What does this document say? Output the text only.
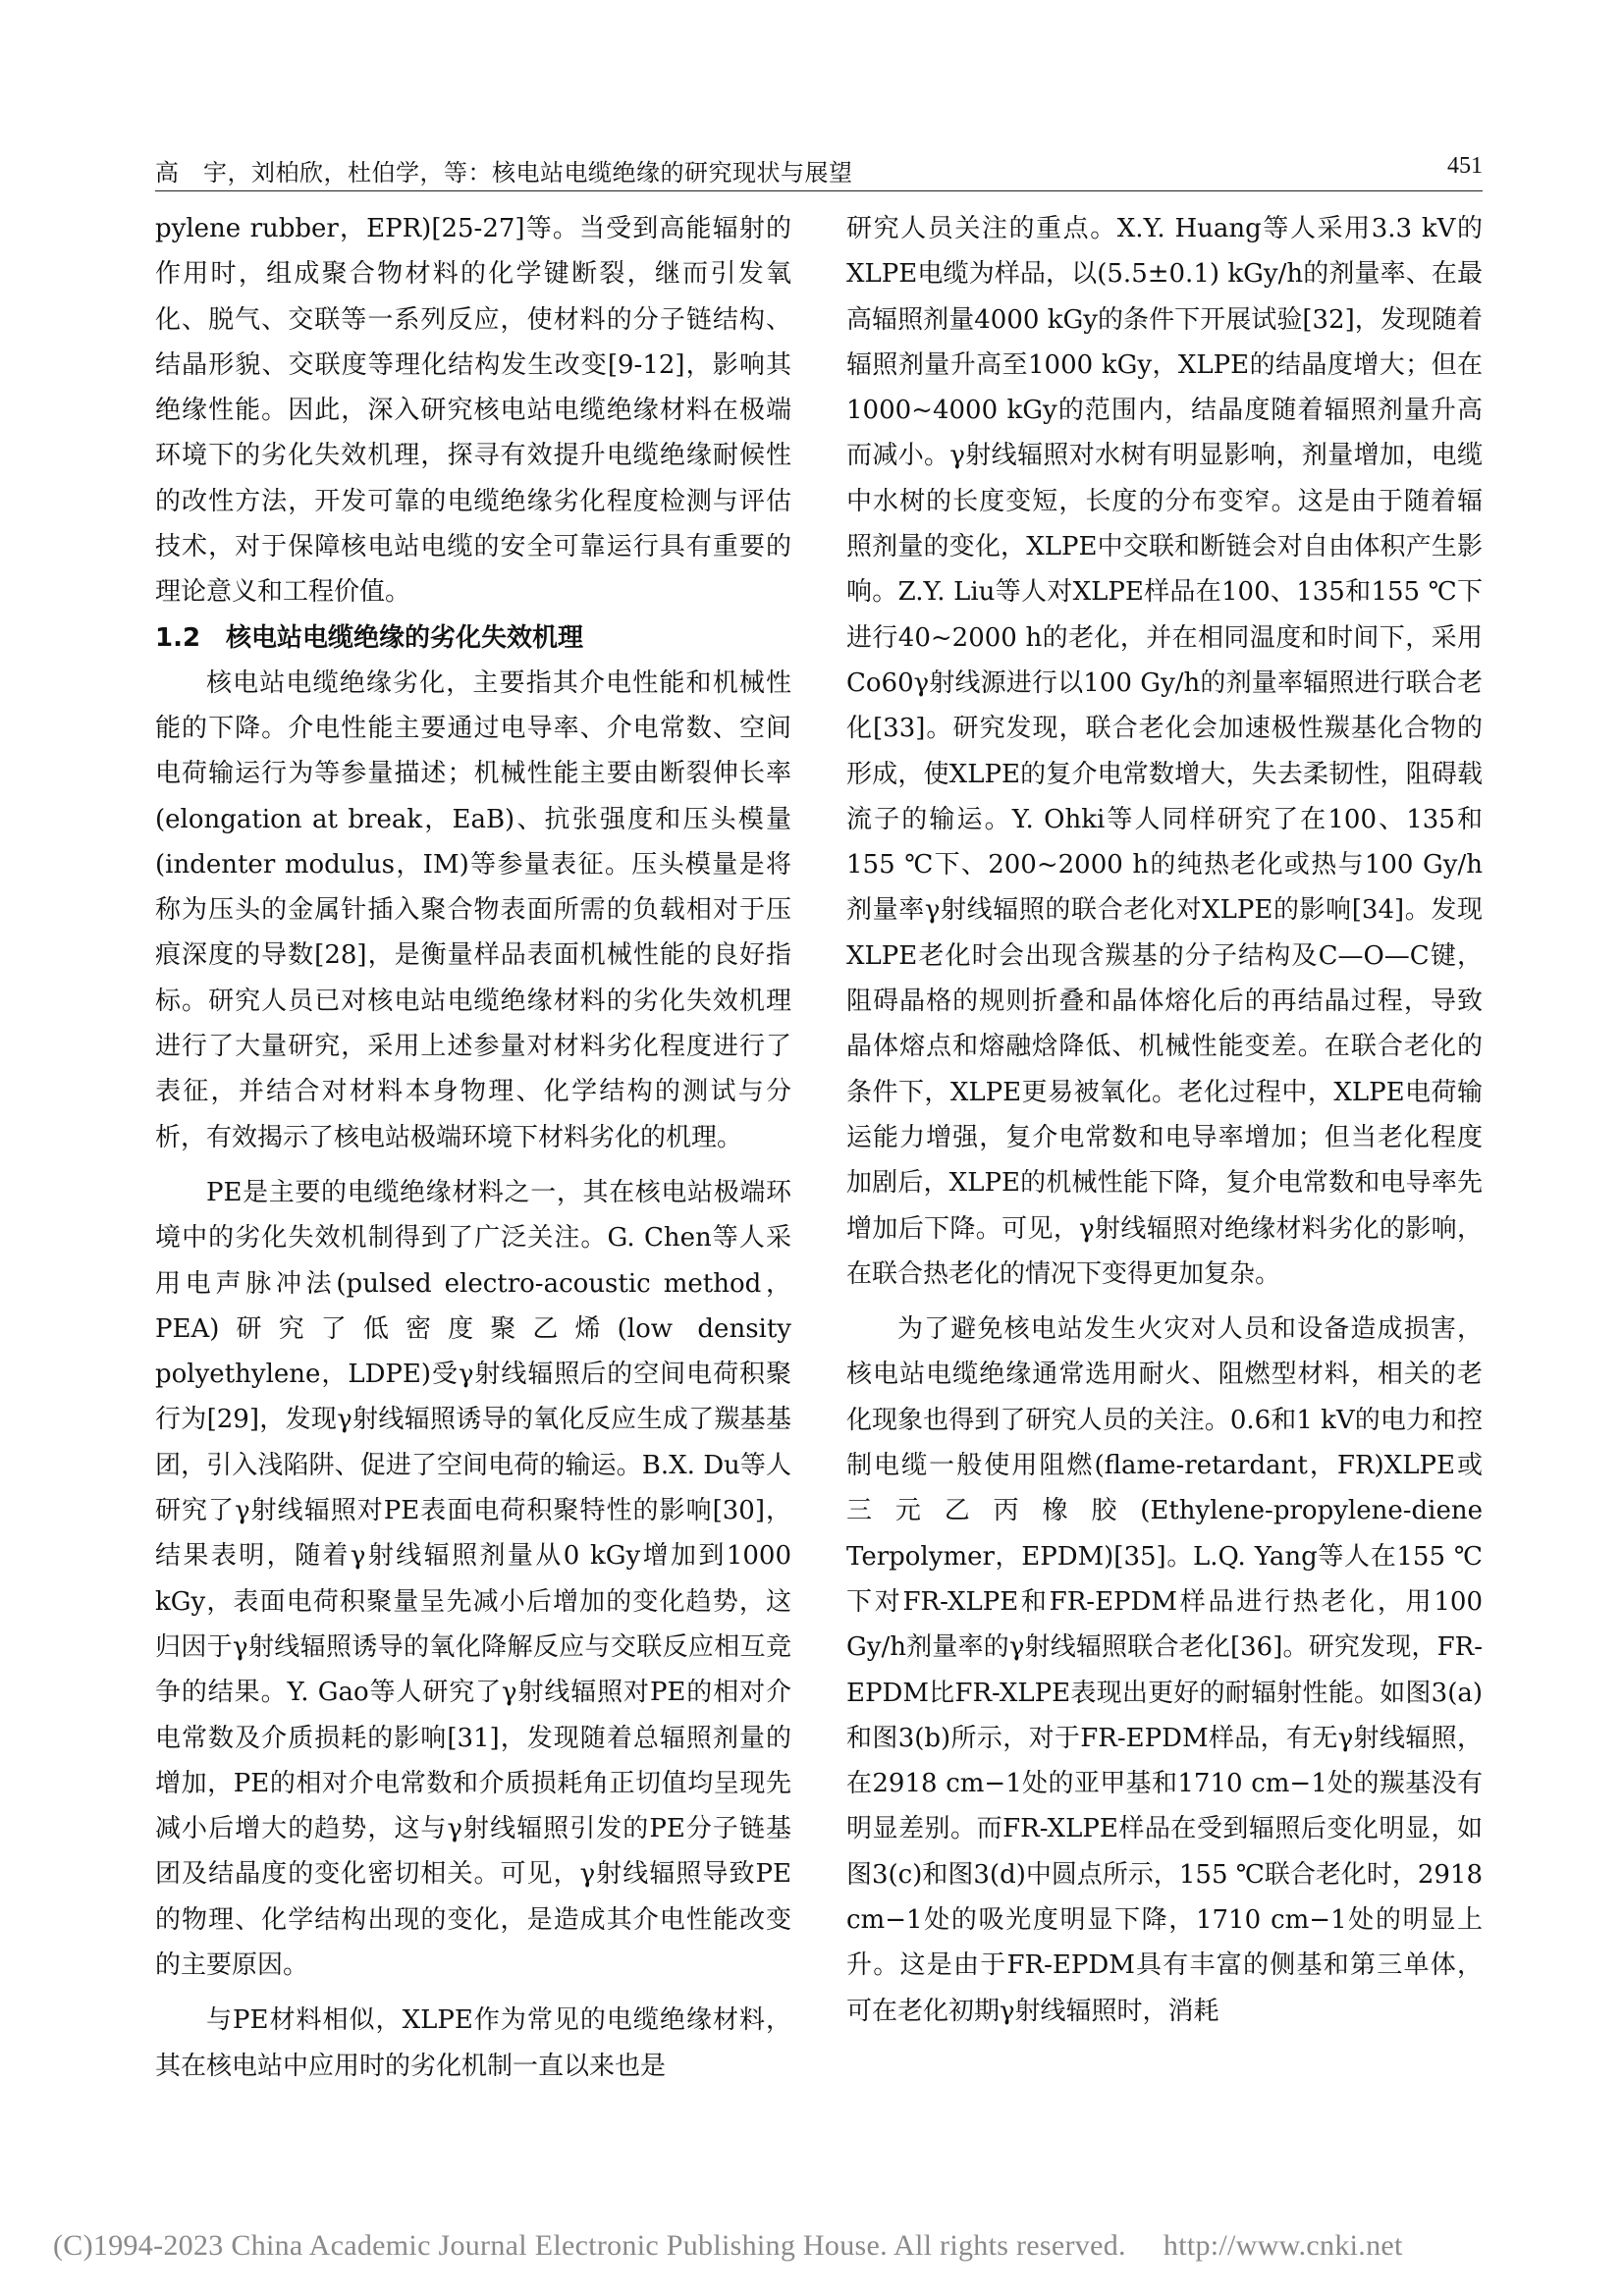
高　宇，刘柏欣，杜伯学，等：核电站电缆绝缘的研究现状与展望	451

pylene rubber，EPR)[25-27]等。当受到高能辐射的作用时，组成聚合物材料的化学键断裂，继而引发氧化、脱气、交联等一系列反应，使材料的分子链结构、结晶形貌、交联度等理化结构发生改变[9-12]，影响其绝缘性能。因此，深入研究核电站电缆绝缘材料在极端环境下的劣化失效机理，探寻有效提升电缆绝缘耐候性的改性方法，开发可靠的电缆绝缘劣化程度检测与评估技术，对于保障核电站电缆的安全可靠运行具有重要的理论意义和工程价值。

1.2　核电站电缆绝缘的劣化失效机理

核电站电缆绝缘劣化，主要指其介电性能和机械性能的下降。介电性能主要通过电导率、介电常数、空间电荷输运行为等参量描述；机械性能主要由断裂伸长率(elongation at break，EaB)、抗张强度和压头模量(indenter modulus，IM)等参量表征。压头模量是将称为压头的金属针插入聚合物表面所需的负载相对于压痕深度的导数[28]，是衡量样品表面机械性能的良好指标。研究人员已对核电站电缆绝缘材料的劣化失效机理进行了大量研究，采用上述参量对材料劣化程度进行了表征，并结合对材料本身物理、化学结构的测试与分析，有效揭示了核电站极端环境下材料劣化的机理。

PE是主要的电缆绝缘材料之一，其在核电站极端环境中的劣化失效机制得到了广泛关注。G. Chen等人采用电声脉冲法(pulsed electro-acoustic method，PEA)研究了低密度聚乙烯(low density polyethylene，LDPE)受γ射线辐照后的空间电荷积聚行为[29]，发现γ射线辐照诱导的氧化反应生成了羰基基团，引入浅陷阱、促进了空间电荷的输运。B.X. Du等人研究了γ射线辐照对PE表面电荷积聚特性的影响[30]，结果表明，随着γ射线辐照剂量从0 kGy增加到1000 kGy，表面电荷积聚量呈先减小后增加的变化趋势，这归因于γ射线辐照诱导的氧化降解反应与交联反应相互竞争的结果。Y. Gao等人研究了γ射线辐照对PE的相对介电常数及介质损耗的影响[31]，发现随着总辐照剂量的增加，PE的相对介电常数和介质损耗角正切值均呈现先减小后增大的趋势，这与γ射线辐照引发的PE分子链基团及结晶度的变化密切相关。可见，γ射线辐照导致PE的物理、化学结构出现的变化，是造成其介电性能改变的主要原因。

与PE材料相似，XLPE作为常见的电缆绝缘材料，其在核电站中应用时的劣化机制一直以来也是

研究人员关注的重点。X.Y. Huang等人采用3.3 kV的XLPE电缆为样品，以(5.5±0.1) kGy/h的剂量率、在最高辐照剂量4000 kGy的条件下开展试验[32]，发现随着辐照剂量升高至1000 kGy，XLPE的结晶度增大；但在1000~4000 kGy的范围内，结晶度随着辐照剂量升高而减小。γ射线辐照对水树有明显影响，剂量增加，电缆中水树的长度变短，长度的分布变窄。这是由于随着辐照剂量的变化，XLPE中交联和断链会对自由体积产生影响。Z.Y. Liu等人对XLPE样品在100、135和155 ℃下进行40~2000 h的老化，并在相同温度和时间下，采用Co60γ射线源进行以100 Gy/h的剂量率辐照进行联合老化[33]。研究发现，联合老化会加速极性羰基化合物的形成，使XLPE的复介电常数增大，失去柔韧性，阻碍载流子的输运。Y. Ohki等人同样研究了在100、135和155 ℃下、200~2000 h的纯热老化或热与100 Gy/h剂量率γ射线辐照的联合老化对XLPE的影响[34]。发现XLPE老化时会出现含羰基的分子结构及C—O—C键，阻碍晶格的规则折叠和晶体熔化后的再结晶过程，导致晶体熔点和熔融焓降低、机械性能变差。在联合老化的条件下，XLPE更易被氧化。老化过程中，XLPE电荷输运能力增强，复介电常数和电导率增加；但当老化程度加剧后，XLPE的机械性能下降，复介电常数和电导率先增加后下降。可见，γ射线辐照对绝缘材料劣化的影响，在联合热老化的情况下变得更加复杂。

为了避免核电站发生火灾对人员和设备造成损害，核电站电缆绝缘通常选用耐火、阻燃型材料，相关的老化现象也得到了研究人员的关注。0.6和1 kV的电力和控制电缆一般使用阻燃(flame-retardant，FR)XLPE或三元乙丙橡胶(Ethylene-propylene-diene Terpolymer，EPDM)[35]。L.Q. Yang等人在155 ℃下对FR-XLPE和FR-EPDM样品进行热老化，用100 Gy/h剂量率的γ射线辐照联合老化[36]。研究发现，FR-EPDM比FR-XLPE表现出更好的耐辐射性能。如图3(a)和图3(b)所示，对于FR-EPDM样品，有无γ射线辐照，在2918 cm−1处的亚甲基和1710 cm−1处的羰基没有明显差别。而FR-XLPE样品在受到辐照后变化明显，如图3(c)和图3(d)中圆点所示，155 ℃联合老化时，2918 cm−1处的吸光度明显下降，1710 cm−1处的明显上升。这是由于FR-EPDM具有丰富的侧基和第三单体，可在老化初期γ射线辐照时，消耗

(C)1994-2023 China Academic Journal Electronic Publishing House. All rights reserved.　 http://www.cnki.net
